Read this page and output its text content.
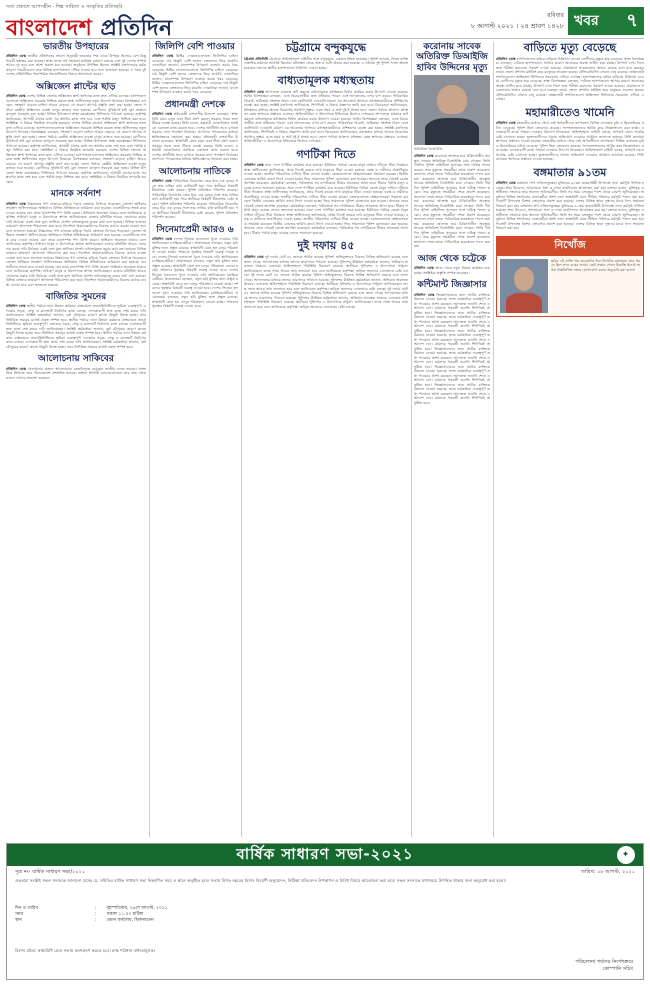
সত্য প্রকাশে আপসহীন · শিল্প সাহিত্য ও সংস্কৃতির প্রতিচ্ছবি
বাংলাদেশ প্রতিদিন	রবিবার
৮ আগস্ট ২০২১ । ২৪ শ্রাবণ ১৪২৮ খবর ৭
ভারতীয় উপহারের

প্রতিদিন ডেস্ক জাতীয় প্রতিদিনের সংবাদ অনুযায়ী ভারতের পক্ষ থেকে উপহার হিসেবে বেশ কিছু সামগ্রী হস্তান্তর করা হয়েছে। স্বাস্থ্য খাতে এই সহায়তা কার্যক্রম চলমান রয়েছে এবং দুই দেশের সম্পর্ক আরও দৃঢ় হবে বলে আশা প্রকাশ করা হয়েছে। অনুষ্ঠানে উপস্থিত ছিলেন সংশ্লিষ্ট মন্ত্রণালয়ের কর্মকর্তাবৃন্দ। সামগ্রীগুলো দ্রুত বিভিন্ন হাসপাতালে পৌঁছে দেওয়া হবে বলে জানানো হয়েছে। এ সময় দুই দেশের প্রতিনিধিরা পারস্পরিক সহযোগিতার বিষয়ে আলোচনা করেন।

অক্সিজেন প্লান্টের ছাড়

প্রতিদিন ডেস্ক দেশের বিভিন্ন জেলায় অক্সিজেন প্লান্ট স্থাপনের কাজ দ্রুত এগিয়ে চলেছে। হাসপাতালগুলোতে অক্সিজেন সরবরাহ নিশ্চিত করতে স্বাস্থ্য অধিদফতর নতুন উদ্যোগ নিয়েছে। বিশেষজ্ঞরা বলছেন, সংক্রমণ বাড়লে চাহিদা আরও বাড়বে। সে কারণে আগাম প্রস্তুতি গ্রহণ করা হচ্ছে। জেলা পর্যায়ে কেন্দ্রীয় অক্সিজেন ব্যবস্থা চালুর কাজও শুরু হয়েছে। রোগীদের সুবিধার্থে হাই ফ্লো নাজাল ক্যানুলা সরবরাহ করা হচ্ছে। বিভিন্ন উপজেলা স্বাস্থ্য কমপ্লেক্সেও সিলিন্ডার পাঠানো হয়েছে। কর্তৃপক্ষ জানিয়েছে, আগামী মাসের মধ্যে সব প্লান্টের কাজ শেষ হবে এবং পর্যাপ্ত মজুদ নিশ্চিত করা হবে। সংশ্লিষ্টরা এ বিষয়ে নিয়মিত তদারকি করছেন। দেশের বিভিন্ন জেলায় অক্সিজেন প্লান্ট স্থাপনের কাজ দ্রুত এগিয়ে চলেছে। হাসপাতালগুলোতে অক্সিজেন সরবরাহ নিশ্চিত করতে স্বাস্থ্য অধিদফতর নতুন উদ্যোগ নিয়েছে। বিশেষজ্ঞরা বলছেন, সংক্রমণ বাড়লে চাহিদা আরও বাড়বে। সে কারণে আগাম প্রস্তুতি গ্রহণ করা হচ্ছে। জেলা পর্যায়ে কেন্দ্রীয় অক্সিজেন ব্যবস্থা চালুর কাজও শুরু হয়েছে। রোগীদের সুবিধার্থে হাই ফ্লো নাজাল ক্যানুলা সরবরাহ করা হচ্ছে। বিভিন্ন উপজেলা স্বাস্থ্য কমপ্লেক্সেও সিলিন্ডার পাঠানো হয়েছে। কর্তৃপক্ষ জানিয়েছে, আগামী মাসের মধ্যে সব প্লান্টের কাজ শেষ হবে এবং পর্যাপ্ত মজুদ নিশ্চিত করা হবে। সংশ্লিষ্টরা এ বিষয়ে নিয়মিত তদারকি করছেন। দেশের বিভিন্ন জেলায় অক্সিজেন প্লান্ট স্থাপনের কাজ দ্রুত এগিয়ে চলেছে। হাসপাতালগুলোতে অক্সিজেন সরবরাহ নিশ্চিত করতে স্বাস্থ্য অধিদফতর নতুন উদ্যোগ নিয়েছে। বিশেষজ্ঞরা বলছেন, সংক্রমণ বাড়লে চাহিদা আরও বাড়বে। সে কারণে আগাম প্রস্তুতি গ্রহণ করা হচ্ছে। জেলা পর্যায়ে কেন্দ্রীয় অক্সিজেন ব্যবস্থা চালুর কাজও শুরু হয়েছে। রোগীদের সুবিধার্থে হাই ফ্লো নাজাল ক্যানুলা সরবরাহ করা হচ্ছে। বিভিন্ন উপজেলা স্বাস্থ্য কমপ্লেক্সেও সিলিন্ডার পাঠানো হয়েছে। কর্তৃপক্ষ জানিয়েছে, আগামী মাসের মধ্যে সব প্লান্টের কাজ শেষ হবে এবং পর্যাপ্ত মজুদ নিশ্চিত করা হবে। সংশ্লিষ্টরা এ বিষয়ে নিয়মিত তদারকি করছেন।

মানকে সর্বনাশ

প্রতিদিন ডেস্ক নিম্নমানের পণ্য বাজারে ছড়িয়ে পড়ায় ক্রেতারা বিপাকে পড়েছেন। ভোক্তা অধিকার সংরক্ষণ অধিদফতরের অভিযানে বিভিন্ন প্রতিষ্ঠানকে জরিমানা করা হয়েছে। ব্যবসায়ীদের সতর্ক করে দেওয়া হয়েছে যেন তারা মানসম্পন্ন পণ্য বিক্রি করেন। অভিযান অব্যাহত থাকবে বলে জানিয়েছে কর্তৃপক্ষ। সাধারণ মানুষ এ উদ্যোগকে স্বাগত জানিয়েছেন। বাজার মনিটরিং আরও জোরদার করার দাবি উঠেছে। একই সঙ্গে মূল্য তালিকা প্রদর্শন বাধ্যতামূলক করার কথা বলা হয়েছে। বিভিন্ন বাজারে ভ্রাম্যমাণ আদালত পরিচালনা করা হবে। নির্দেশনা অমান্যকারীদের বিরুদ্ধে কঠোর ব্যবস্থা নেওয়া হবে বলে জানানো হয়েছে। নিম্নমানের পণ্য বাজারে ছড়িয়ে পড়ায় ক্রেতারা বিপাকে পড়েছেন। ভোক্তা অধিকার সংরক্ষণ অধিদফতরের অভিযানে বিভিন্ন প্রতিষ্ঠানকে জরিমানা করা হয়েছে। ব্যবসায়ীদের সতর্ক করে দেওয়া হয়েছে যেন তারা মানসম্পন্ন পণ্য বিক্রি করেন। অভিযান অব্যাহত থাকবে বলে জানিয়েছে কর্তৃপক্ষ। সাধারণ মানুষ এ উদ্যোগকে স্বাগত জানিয়েছেন। বাজার মনিটরিং আরও জোরদার করার দাবি উঠেছে। একই সঙ্গে মূল্য তালিকা প্রদর্শন বাধ্যতামূলক করার কথা বলা হয়েছে। বিভিন্ন বাজারে ভ্রাম্যমাণ আদালত পরিচালনা করা হবে। নির্দেশনা অমান্যকারীদের বিরুদ্ধে কঠোর ব্যবস্থা নেওয়া হবে বলে জানানো হয়েছে। নিম্নমানের পণ্য বাজারে ছড়িয়ে পড়ায় ক্রেতারা বিপাকে পড়েছেন। ভোক্তা অধিকার সংরক্ষণ অধিদফতরের অভিযানে বিভিন্ন প্রতিষ্ঠানকে জরিমানা করা হয়েছে। ব্যবসায়ীদের সতর্ক করে দেওয়া হয়েছে যেন তারা মানসম্পন্ন পণ্য বিক্রি করেন। অভিযান অব্যাহত থাকবে বলে জানিয়েছে কর্তৃপক্ষ। সাধারণ মানুষ এ উদ্যোগকে স্বাগত জানিয়েছেন। বাজার মনিটরিং আরও জোরদার করার দাবি উঠেছে। একই সঙ্গে মূল্য তালিকা প্রদর্শন বাধ্যতামূলক করার কথা বলা হয়েছে। বিভিন্ন বাজারে ভ্রাম্যমাণ আদালত পরিচালনা করা হবে। নির্দেশনা অমান্যকারীদের বিরুদ্ধে কঠোর ব্যবস্থা নেওয়া হবে বলে জানানো হয়েছে।

বাজিতির সুমনের

প্রতিদিন ডেস্ক স্থানীয় পর্যায়ে নানা উন্নয়ন কর্মকাণ্ড বাস্তবায়নে জনপ্রতিনিধিদের ভূমিকা গুরুত্বপূর্ণ। এলাকার সড়ক, সেতু ও কালভার্ট নির্মাণের কাজ চলছে। এলাকাবাসী দ্রুত কাজ শেষ করার দাবি জানিয়েছেন। সংশ্লিষ্ট কর্মকর্তারা জানান, বর্ষা মৌসুমের কারণে কাজে কিছুটা বিলম্ব হচ্ছে। তবে নির্ধারিত সময়ের মধ্যেই প্রকল্প সম্পন্ন হবে। স্থানীয় পর্যায়ে নানা উন্নয়ন কর্মকাণ্ড বাস্তবায়নে জনপ্রতিনিধিদের ভূমিকা গুরুত্বপূর্ণ। এলাকার সড়ক, সেতু ও কালভার্ট নির্মাণের কাজ চলছে। এলাকাবাসী দ্রুত কাজ শেষ করার দাবি জানিয়েছেন। সংশ্লিষ্ট কর্মকর্তারা জানান, বর্ষা মৌসুমের কারণে কাজে কিছুটা বিলম্ব হচ্ছে। তবে নির্ধারিত সময়ের মধ্যেই প্রকল্প সম্পন্ন হবে। স্থানীয় পর্যায়ে নানা উন্নয়ন কর্মকাণ্ড বাস্তবায়নে জনপ্রতিনিধিদের ভূমিকা গুরুত্বপূর্ণ। এলাকার সড়ক, সেতু ও কালভার্ট নির্মাণের কাজ চলছে। এলাকাবাসী দ্রুত কাজ শেষ করার দাবি জানিয়েছেন। সংশ্লিষ্ট কর্মকর্তারা জানান, বর্ষা মৌসুমের কারণে কাজে কিছুটা বিলম্ব হচ্ছে। তবে নির্ধারিত সময়ের মধ্যেই প্রকল্প সম্পন্ন হবে।

আলোচনায় সাকিবের

প্রতিদিন ডেস্ক খেলাধুলার অঙ্গনে আলোচনার কেন্দ্রবিন্দুতে রয়েছেন জাতীয় দলের তারকা। সাম্প্রতিক সিরিজে তার পারফরম্যান্স প্রশংসিত হয়েছে। ভক্তরা আগামী ম্যাচগুলোতেও তার কাছ থেকে ভালো খেলার প্রত্যাশা করছেন।

জিলিপি বেশি পাওয়ার

প্রতিদিন ডেস্ক মিষ্টির দোকানগুলোতে জিলিপির চাহিদা বেড়েছে। দাম কিছুটা বেশি হলেও ক্রেতাদের ভিড় কমেনি। দোকানিরা জানান, মানসম্পন্ন উপকরণ ব্যবহার করায় খরচ বেড়েছে। মিষ্টির দোকানগুলোতে জিলিপির চাহিদা বেড়েছে। দাম কিছুটা বেশি হলেও ক্রেতাদের ভিড় কমেনি। দোকানিরা জানান, মানসম্পন্ন উপকরণ ব্যবহার করায় খরচ বেড়েছে। মিষ্টির দোকানগুলোতে জিলিপির চাহিদা বেড়েছে। দাম কিছুটা বেশি হলেও ক্রেতাদের ভিড় কমেনি। দোকানিরা জানান, মানসম্পন্ন উপকরণ ব্যবহার করায় খরচ বেড়েছে।

প্রধানমন্ত্রী দেশকে

প্রতিদিন ডেস্ক প্রধানমন্ত্রী দেশবাসীর উদ্দেশে বলেছেন, স্বাস্থ্যবিধি মেনে চলুন এবং টিকা গ্রহণ করুন। সরকার সবার জন্য টিকার ব্যবস্থা করছে। তিনি বলেন, মহামারী মোকাবিলায় সবাইকে একসঙ্গে কাজ করতে হবে। দেশের অর্থনীতি সচল রাখতে সরকার নানা পদক্ষেপ নিয়েছে। প্রণোদনা প্যাকেজের মাধ্যমে ক্ষতিগ্রস্তদের সহায়তা করা হচ্ছে। প্রধানমন্ত্রী দেশবাসীর উদ্দেশে বলেছেন, স্বাস্থ্যবিধি মেনে চলুন এবং টিকা গ্রহণ করুন। সরকার সবার জন্য টিকার ব্যবস্থা করছে। তিনি বলেন, মহামারী মোকাবিলায় সবাইকে একসঙ্গে কাজ করতে হবে। দেশের অর্থনীতি সচল রাখতে সরকার নানা পদক্ষেপ নিয়েছে। প্রণোদনা প্যাকেজের মাধ্যমে ক্ষতিগ্রস্তদের সহায়তা করা হচ্ছে।

আলোচনায় নাতিকে

প্রতিদিন ডেস্ক পারিবারিক বিরোধের জের ধরে এক বৃদ্ধের সঙ্গে তার নাতির কথা কাটাকাটি হয়। পরে স্থানীয়রা বিষয়টি মীমাংসার চেষ্টা করেন। পুলিশ ঘটনাস্থল পরিদর্শন করেছে। পারিবারিক বিরোধের জের ধরে এক বৃদ্ধের সঙ্গে তার নাতির কথা কাটাকাটি হয়। পরে স্থানীয়রা বিষয়টি মীমাংসার চেষ্টা করেন। পুলিশ ঘটনাস্থল পরিদর্শন করেছে। পারিবারিক বিরোধের জের ধরে এক বৃদ্ধের সঙ্গে তার নাতির কথা কাটাকাটি হয়। পরে স্থানীয়রা বিষয়টি মীমাংসার চেষ্টা করেন। পুলিশ ঘটনাস্থল পরিদর্শন করেছে।

সিনেমাপ্রেমী আরও ৬

প্রতিদিন ডেস্ক দেশের সিনেমা হলগুলো খুলে দেওয়ার দাবি জানিয়েছেন চলচ্চিত্রপ্রেমীরা। প্রযোজকরা বলছেন, নতুন ছবি মুক্তির জন্য প্রস্তুত রয়েছে। স্বাস্থ্যবিধি মেনে হল চালুর পরিকল্পনা নেওয়া হচ্ছে। দর্শকদের সুরক্ষার বিষয়টি গুরুত্ব দেওয়া হবে। দেশের সিনেমা হলগুলো খুলে দেওয়ার দাবি জানিয়েছেন চলচ্চিত্রপ্রেমীরা। প্রযোজকরা বলছেন, নতুন ছবি মুক্তির জন্য প্রস্তুত রয়েছে। স্বাস্থ্যবিধি মেনে হল চালুর পরিকল্পনা নেওয়া হচ্ছে। দর্শকদের সুরক্ষার বিষয়টি গুরুত্ব দেওয়া হবে। দেশের সিনেমা হলগুলো খুলে দেওয়ার দাবি জানিয়েছেন চলচ্চিত্রপ্রেমীরা। প্রযোজকরা বলছেন, নতুন ছবি মুক্তির জন্য প্রস্তুত রয়েছে। স্বাস্থ্যবিধি মেনে হল চালুর পরিকল্পনা নেওয়া হচ্ছে। দর্শকদের সুরক্ষার বিষয়টি গুরুত্ব দেওয়া হবে। দেশের সিনেমা হলগুলো খুলে দেওয়ার দাবি জানিয়েছেন চলচ্চিত্রপ্রেমীরা। প্রযোজকরা বলছেন, নতুন ছবি মুক্তির জন্য প্রস্তুত রয়েছে। স্বাস্থ্যবিধি মেনে হল চালুর পরিকল্পনা নেওয়া হচ্ছে। দর্শকদের সুরক্ষার বিষয়টি গুরুত্ব দেওয়া হবে।

চট্টগ্রামে বন্দুকযুদ্ধে

চট্টগ্রাম প্রতিনিধি চট্টগ্রামে আইনশৃঙ্খলা বাহিনীর সঙ্গে বন্দুকযুদ্ধে একজন নিহত হয়েছেন। পুলিশ জানায়, নিহত ব্যক্তি একাধিক মামলার আসামি ছিলেন। ঘটনাস্থল থেকে অস্ত্র ও গুলি উদ্ধার করা হয়েছে। এ ঘটনায় দুই পুলিশ সদস্য আহত হয়েছেন। তাদের স্থানীয় হাসপাতালে চিকিৎসা দেওয়া হচ্ছে।

বাধ্যতামূলক মধ্যস্থতায়

প্রতিদিন ডেস্ক আদালতে মামলার জট কমাতে বাধ্যতামূলক মধ্যস্থতার বিধান কার্যকর করার উদ্যোগ নেওয়া হয়েছে। আইন বিশেষজ্ঞরা বলছেন, এতে বিচারপ্রার্থীরা দ্রুত প্রতিকার পাবেন এবং আদালতের ওপর চাপ কমবে। পারিবারিক বিরোধ, জমিজমা সংক্রান্ত বিবাদ এবং ছোটখাটো দেওয়ানি মামলা এর আওতায় আসবে। মধ্যস্থতাকারীদের প্রশিক্ষণের ব্যবস্থা করা হচ্ছে। সংশ্লিষ্ট মন্ত্রণালয় জানিয়েছে, শিগগিরই এ বিষয়ে প্রজ্ঞাপন জারি করা হবে। বিচারকরা জানিয়েছেন, মধ্যস্থতার মাধ্যমে অনেক বিরোধের সমাধান সম্ভব। এতে সময় ও অর্থ দুই-ই সাশ্রয় হবে। জেলা পর্যায়ে আলাদা মধ্যস্থতা কেন্দ্র স্থাপনের প্রস্তাবও এসেছে। আইনজীবীরা এ উদ্যোগকে ইতিবাচক হিসেবে দেখছেন। আদালতে মামলার জট কমাতে বাধ্যতামূলক মধ্যস্থতার বিধান কার্যকর করার উদ্যোগ নেওয়া হয়েছে। আইন বিশেষজ্ঞরা বলছেন, এতে বিচারপ্রার্থীরা দ্রুত প্রতিকার পাবেন এবং আদালতের ওপর চাপ কমবে। পারিবারিক বিরোধ, জমিজমা সংক্রান্ত বিবাদ এবং ছোটখাটো দেওয়ানি মামলা এর আওতায় আসবে। মধ্যস্থতাকারীদের প্রশিক্ষণের ব্যবস্থা করা হচ্ছে। সংশ্লিষ্ট মন্ত্রণালয় জানিয়েছে, শিগগিরই এ বিষয়ে প্রজ্ঞাপন জারি করা হবে। বিচারকরা জানিয়েছেন, মধ্যস্থতার মাধ্যমে অনেক বিরোধের সমাধান সম্ভব। এতে সময় ও অর্থ দুই-ই সাশ্রয় হবে। জেলা পর্যায়ে আলাদা মধ্যস্থতা কেন্দ্র স্থাপনের প্রস্তাবও এসেছে। আইনজীবীরা এ উদ্যোগকে ইতিবাচক হিসেবে দেখছেন।

গণটিকা দিতে

প্রতিদিন ডেস্ক সারা দেশে গণটিকা কার্যক্রম শুরু হয়েছে। ইউনিয়ন পর্যায়ে কেন্দ্রে মানুষ লাইনে দাঁড়িয়ে টিকা নিচ্ছেন। স্বাস্থ্য অধিদফতর জানিয়েছে, প্রথম দিনেই কয়েক লাখ মানুষকে টিকা দেওয়া হয়েছে। বয়স্ক ও নারীদের অগ্রাধিকার দেওয়া হচ্ছে। জাতীয় পরিচয়পত্র দেখিয়ে টিকা নেওয়া যাচ্ছে। কেন্দ্রগুলোতে স্বেচ্ছাসেবকরা সহায়তা করছেন। দ্বিতীয় ডোজের তারিখ কার্ডে লিখে দেওয়া হচ্ছে। ভিড় সামলাতে পুলিশ মোতায়েন করা হয়েছে। অনেকে ভোর থেকেই কেন্দ্রে অপেক্ষা করেছেন। কর্মকর্তারা বলছেন, পর্যায়ক্রমে সব নাগরিককে টিকার আওতায় আনা হবে। টিকার পর্যাপ্ত মজুদ রয়েছে বলেও জানানো হয়েছে। সারা দেশে গণটিকা কার্যক্রম শুরু হয়েছে। ইউনিয়ন পর্যায়ে কেন্দ্রে মানুষ লাইনে দাঁড়িয়ে টিকা নিচ্ছেন। স্বাস্থ্য অধিদফতর জানিয়েছে, প্রথম দিনেই কয়েক লাখ মানুষকে টিকা দেওয়া হয়েছে। বয়স্ক ও নারীদের অগ্রাধিকার দেওয়া হচ্ছে। জাতীয় পরিচয়পত্র দেখিয়ে টিকা নেওয়া যাচ্ছে। কেন্দ্রগুলোতে স্বেচ্ছাসেবকরা সহায়তা করছেন। দ্বিতীয় ডোজের তারিখ কার্ডে লিখে দেওয়া হচ্ছে। ভিড় সামলাতে পুলিশ মোতায়েন করা হয়েছে। অনেকে ভোর থেকেই কেন্দ্রে অপেক্ষা করেছেন। কর্মকর্তারা বলছেন, পর্যায়ক্রমে সব নাগরিককে টিকার আওতায় আনা হবে। টিকার পর্যাপ্ত মজুদ রয়েছে বলেও জানানো হয়েছে। সারা দেশে গণটিকা কার্যক্রম শুরু হয়েছে। ইউনিয়ন পর্যায়ে কেন্দ্রে মানুষ লাইনে দাঁড়িয়ে টিকা নিচ্ছেন। স্বাস্থ্য অধিদফতর জানিয়েছে, প্রথম দিনেই কয়েক লাখ মানুষকে টিকা দেওয়া হয়েছে। বয়স্ক ও নারীদের অগ্রাধিকার দেওয়া হচ্ছে। জাতীয় পরিচয়পত্র দেখিয়ে টিকা নেওয়া যাচ্ছে। কেন্দ্রগুলোতে স্বেচ্ছাসেবকরা সহায়তা করছেন। দ্বিতীয় ডোজের তারিখ কার্ডে লিখে দেওয়া হচ্ছে। ভিড় সামলাতে পুলিশ মোতায়েন করা হয়েছে। অনেকে ভোর থেকেই কেন্দ্রে অপেক্ষা করেছেন। কর্মকর্তারা বলছেন, পর্যায়ক্রমে সব নাগরিককে টিকার আওতায় আনা হবে। টিকার পর্যাপ্ত মজুদ রয়েছে বলেও জানানো হয়েছে।

দুই দফায় ৪৫

প্রতিদিন ডেস্ক দুই দফায় মোট ৪৫ জনকে আটক করেছে পুলিশ। অভিযুক্তদের বিরুদ্ধে বিভিন্ন অভিযোগ রয়েছে বলে জানা গেছে। আদালতের মাধ্যমে তাদের কারাগারে পাঠানো হয়েছে। পুলিশের ঊর্ধ্বতন কর্মকর্তারা জানান, অভিযান অব্যাহত থাকবে। এলাকায় আইনশৃঙ্খলা পরিস্থিতি নিয়ন্ত্রণে রয়েছে। স্থানীয়রা পুলিশের এ উদ্যোগকে সাধুবাদ জানিয়েছেন। তদন্ত শেষে আরও তথ্য জানানো হবে বলে জানিয়েছে কর্তৃপক্ষ। জড়িত অন্যদের গ্রেফতারে চেষ্টা চলছে। দুই দফায় মোট ৪৫ জনকে আটক করেছে পুলিশ। অভিযুক্তদের বিরুদ্ধে বিভিন্ন অভিযোগ রয়েছে বলে জানা গেছে। আদালতের মাধ্যমে তাদের কারাগারে পাঠানো হয়েছে। পুলিশের ঊর্ধ্বতন কর্মকর্তারা জানান, অভিযান অব্যাহত থাকবে। এলাকায় আইনশৃঙ্খলা পরিস্থিতি নিয়ন্ত্রণে রয়েছে। স্থানীয়রা পুলিশের এ উদ্যোগকে সাধুবাদ জানিয়েছেন। তদন্ত শেষে আরও তথ্য জানানো হবে বলে জানিয়েছে কর্তৃপক্ষ। জড়িত অন্যদের গ্রেফতারে চেষ্টা চলছে। দুই দফায় মোট ৪৫ জনকে আটক করেছে পুলিশ। অভিযুক্তদের বিরুদ্ধে বিভিন্ন অভিযোগ রয়েছে বলে জানা গেছে। আদালতের মাধ্যমে তাদের কারাগারে পাঠানো হয়েছে। পুলিশের ঊর্ধ্বতন কর্মকর্তারা জানান, অভিযান অব্যাহত থাকবে। এলাকায় আইনশৃঙ্খলা পরিস্থিতি নিয়ন্ত্রণে রয়েছে। স্থানীয়রা পুলিশের এ উদ্যোগকে সাধুবাদ জানিয়েছেন। তদন্ত শেষে আরও তথ্য জানানো হবে বলে জানিয়েছে কর্তৃপক্ষ। জড়িত অন্যদের গ্রেফতারে চেষ্টা চলছে।

করোনায় সাবেক অতিরিক্ত ডিআইজি হাবিব উদ্দিনের মৃত্যু

অতিরিক্ত ডিআইজি

প্রতিদিন ডেস্ক করোনায় আক্রান্ত হয়ে চিকিৎসাধীন অবস্থায় সাবেক অতিরিক্ত ডিআইজি মারা গেছেন। তিনি দীর্ঘদিন পুলিশ বাহিনীতে সুনামের সঙ্গে দায়িত্ব পালন করেন। তার মৃত্যুতে সহকর্মীরা শোক প্রকাশ করেছেন। জানাজা শেষে তাকে পারিবারিক কবরস্থানে দাফন করা হয়। করোনায় আক্রান্ত হয়ে চিকিৎসাধীন অবস্থায় সাবেক অতিরিক্ত ডিআইজি মারা গেছেন। তিনি দীর্ঘদিন পুলিশ বাহিনীতে সুনামের সঙ্গে দায়িত্ব পালন করেন। তার মৃত্যুতে সহকর্মীরা শোক প্রকাশ করেছেন। জানাজা শেষে তাকে পারিবারিক কবরস্থানে দাফন করা হয়। করোনায় আক্রান্ত হয়ে চিকিৎসাধীন অবস্থায় সাবেক অতিরিক্ত ডিআইজি মারা গেছেন। তিনি দীর্ঘদিন পুলিশ বাহিনীতে সুনামের সঙ্গে দায়িত্ব পালন করেন। তার মৃত্যুতে সহকর্মীরা শোক প্রকাশ করেছেন। জানাজা শেষে তাকে পারিবারিক কবরস্থানে দাফন করা হয়। করোনায় আক্রান্ত হয়ে চিকিৎসাধীন অবস্থায় সাবেক অতিরিক্ত ডিআইজি মারা গেছেন। তিনি দীর্ঘদিন পুলিশ বাহিনীতে সুনামের সঙ্গে দায়িত্ব পালন করেন। তার মৃত্যুতে সহকর্মীরা শোক প্রকাশ করেছেন। জানাজা শেষে তাকে পারিবারিক কবরস্থানে দাফন করা হয়।

আজ থেকে চট্টেকে

প্রতিদিন ডেস্ক আজ থেকে নতুন নিয়মে কার্যক্রম শুরু হচ্ছে। সংশ্লিষ্টরা প্রস্তুতি সম্পন্ন করেছেন।

কন্টিমান্ট জিজ্ঞাসার

প্রতিদিন ডেস্ক জিজ্ঞাসাবাদের জন্য আটক ব্যক্তিকে রিমান্ডে নেওয়া হয়েছে। তদন্ত কর্মকর্তারা গুরুত্বপূর্ণ তথ্য পাওয়ার আশা করছেন। আদালত শুনানি শেষে এ আদেশ দেন। মামলার পরবর্তী শুনানি শিগগিরই অনুষ্ঠিত হবে। জিজ্ঞাসাবাদের জন্য আটক ব্যক্তিকে রিমান্ডে নেওয়া হয়েছে। তদন্ত কর্মকর্তারা গুরুত্বপূর্ণ তথ্য পাওয়ার আশা করছেন। আদালত শুনানি শেষে এ আদেশ দেন। মামলার পরবর্তী শুনানি শিগগিরই অনুষ্ঠিত হবে। জিজ্ঞাসাবাদের জন্য আটক ব্যক্তিকে রিমান্ডে নেওয়া হয়েছে। তদন্ত কর্মকর্তারা গুরুত্বপূর্ণ তথ্য পাওয়ার আশা করছেন। আদালত শুনানি শেষে এ আদেশ দেন। মামলার পরবর্তী শুনানি শিগগিরই অনুষ্ঠিত হবে। জিজ্ঞাসাবাদের জন্য আটক ব্যক্তিকে রিমান্ডে নেওয়া হয়েছে। তদন্ত কর্মকর্তারা গুরুত্বপূর্ণ তথ্য পাওয়ার আশা করছেন। আদালত শুনানি শেষে এ আদেশ দেন। মামলার পরবর্তী শুনানি শিগগিরই অনুষ্ঠিত হবে। জিজ্ঞাসাবাদের জন্য আটক ব্যক্তিকে রিমান্ডে নেওয়া হয়েছে। তদন্ত কর্মকর্তারা গুরুত্বপূর্ণ তথ্য পাওয়ার আশা করছেন। আদালত শুনানি শেষে এ আদেশ দেন। মামলার পরবর্তী শুনানি শিগগিরই অনুষ্ঠিত হবে। জিজ্ঞাসাবাদের জন্য আটক ব্যক্তিকে রিমান্ডে নেওয়া হয়েছে। তদন্ত কর্মকর্তারা গুরুত্বপূর্ণ তথ্য পাওয়ার আশা করছেন। আদালত শুনানি শেষে এ আদেশ দেন। মামলার পরবর্তী শুনানি শিগগিরই অনুষ্ঠিত হবে।

বাড়িতে মৃত্যু বেড়েছে

প্রতিদিন ডেস্ক হাসপাতালের বাইরে বাড়িতে চিকিৎসা নেওয়া রোগীদের মৃত্যুর হার বেড়েছে। স্বাস্থ্য বিশেষজ্ঞরা বলছেন, দেরিতে হাসপাতালে আসার কারণে অনেকের অবস্থা জটিল হয়ে যাচ্ছে। উপসর্গ দেখা দিলে দ্রুত পরীক্ষা করানোর পরামর্শ দেওয়া হয়েছে। গ্রামাঞ্চলে সচেতনতার অভাব রয়েছে বলে মনে করছেন তারা। জেলা প্রশাসন মাইকিং করে মানুষকে সচেতন করছে। টেলিমেডিসিন সেবাও চালু রয়েছে। স্বেচ্ছাসেবী সংগঠনগুলো অক্সিজেন সিলিন্ডার সরবরাহে এগিয়ে এসেছে। হাসপাতালের বাইরে বাড়িতে চিকিৎসা নেওয়া রোগীদের মৃত্যুর হার বেড়েছে। স্বাস্থ্য বিশেষজ্ঞরা বলছেন, দেরিতে হাসপাতালে আসার কারণে অনেকের অবস্থা জটিল হয়ে যাচ্ছে। উপসর্গ দেখা দিলে দ্রুত পরীক্ষা করানোর পরামর্শ দেওয়া হয়েছে। গ্রামাঞ্চলে সচেতনতার অভাব রয়েছে বলে মনে করছেন তারা। জেলা প্রশাসন মাইকিং করে মানুষকে সচেতন করছে। টেলিমেডিসিন সেবাও চালু রয়েছে। স্বেচ্ছাসেবী সংগঠনগুলো অক্সিজেন সিলিন্ডার সরবরাহে এগিয়ে এসেছে।

মহামারীতেও খামেনি

প্রতিদিন ডেস্ক মহামারীর মধ্যেও থেমে নেই অপরাধীদের তৎপরতা। বিভিন্ন এলাকায় চুরি ও ছিনতাইয়ের ঘটনা বেড়েছে। পুলিশ টহল জোরদার করেছে। সন্দেহভাজনদের আটক করে জিজ্ঞাসাবাদ করা হচ্ছে। এলাকাবাসী রাতে পাহারা দেওয়ার উদ্যোগ নিয়েছেন। আইনশৃঙ্খলা বাহিনী বলছে, অপরাধ দমনে সর্বোচ্চ চেষ্টা চালানো হচ্ছে। ভুক্তভোগীদের থানায় অভিযোগ দেওয়ার আহ্বান জানানো হয়েছে। সিসি ক্যামেরা স্থাপনের প্রস্তাবও দেওয়া হয়েছে। মহামারীর মধ্যেও থেমে নেই অপরাধীদের তৎপরতা। বিভিন্ন এলাকায় চুরি ও ছিনতাইয়ের ঘটনা বেড়েছে। পুলিশ টহল জোরদার করেছে। সন্দেহভাজনদের আটক করে জিজ্ঞাসাবাদ করা হচ্ছে। এলাকাবাসী রাতে পাহারা দেওয়ার উদ্যোগ নিয়েছেন। আইনশৃঙ্খলা বাহিনী বলছে, অপরাধ দমনে সর্বোচ্চ চেষ্টা চালানো হচ্ছে। ভুক্তভোগীদের থানায় অভিযোগ দেওয়ার আহ্বান জানানো হয়েছে। সিসি ক্যামেরা স্থাপনের প্রস্তাবও দেওয়া হয়েছে।

বঙ্গমাতার ৯১তম

প্রতিদিন ডেস্ক বঙ্গমাতা শেখ ফজিলাতুন্নেছা মুজিবের ৯১তম জন্মবার্ষিকী উপলক্ষে নানা কর্মসূচি পালিত হয়েছে। শ্রদ্ধা নিবেদন, আলোচনা সভা ও দোয়া মাহফিলের আয়োজন করা হয়। বক্তারা বলেন, মুক্তিযুদ্ধ ও স্বাধীনতা সংগ্রামে তার অবদান অবিস্মরণীয়। তিনি সব সময় বঙ্গবন্ধুর পাশে থেকে প্রেরণা জুগিয়েছেন। অনুষ্ঠানে বিভিন্ন সংগঠনের নেতাকর্মীরা অংশ নেন। স্বাস্থ্যবিধি মেনে সীমিত পরিসরে কর্মসূচি পালন করা হয়। দিবসটি উপলক্ষে বিশেষ ক্রোড়পত্র প্রকাশ করা হয়েছে। দেশের বিভিন্ন স্থানে দুস্থদের মাঝে খাদ্য সহায়তা বিতরণ করা হয়। বঙ্গমাতা শেখ ফজিলাতুন্নেছা মুজিবের ৯১তম জন্মবার্ষিকী উপলক্ষে নানা কর্মসূচি পালিত হয়েছে। শ্রদ্ধা নিবেদন, আলোচনা সভা ও দোয়া মাহফিলের আয়োজন করা হয়। বক্তারা বলেন, মুক্তিযুদ্ধ ও স্বাধীনতা সংগ্রামে তার অবদান অবিস্মরণীয়। তিনি সব সময় বঙ্গবন্ধুর পাশে থেকে প্রেরণা জুগিয়েছেন। অনুষ্ঠানে বিভিন্ন সংগঠনের নেতাকর্মীরা অংশ নেন। স্বাস্থ্যবিধি মেনে সীমিত পরিসরে কর্মসূচি পালন করা হয়। দিবসটি উপলক্ষে বিশেষ ক্রোড়পত্র প্রকাশ করা হয়েছে। দেশের বিভিন্ন স্থানে দুস্থদের মাঝে খাদ্য সহায়তা বিতরণ করা হয়।

নিখোঁজ

ছবির এই ব্যক্তি গত কয়েকদিন ধরে নিখোঁজ রয়েছেন। তার পরনে ছিল লাল রঙের জামা। কেউ সন্ধান পেলে নিকটস্থ থানায় অথবা নিম্নলিখিত নম্বরে যোগাযোগ করার অনুরোধ করা হলো।

বার্ষিক সাধারণ সভা-২০২১	✦
সূত্র নং- বার্ষিক সাধারণ সভা/২০২১	তারিখ: ০৮ আগস্ট, ২০২১
এতদ্বারা সংশ্লিষ্ট সকল সদস্যকে জানানো যাচ্ছে যে, সমিতির বার্ষিক সাধারণ সভা নিম্নবর্ণিত সময় ও স্থানে অনুষ্ঠিত হবে। সভায় বিগত বছরের হিসাব বিবরণী অনুমোদন, নিরীক্ষা প্রতিবেদন উপস্থাপন ও বিবিধ বিষয়ে আলোচনা করা হবে। সকল সদস্যকে যথাসময়ে উপস্থিত থাকার জন্য অনুরোধ করা হলো।
দিন ও তারিখ	: বৃহস্পতিবার, ২৬শে আগস্ট, ২০২১
সময়	: সকাল ১১.০০ ঘটিকা
স্থান	: প্রধান কার্যালয়, মিলনায়তন
বিশেষ দ্রষ্টব্য: স্বাস্থ্যবিধি মেনে সভায় অংশগ্রহণ করতে হবে। মাস্ক পরিধান বাধ্যতামূলক।
পরিচালনা পর্ষদের নির্দেশক্রমে
কোম্পানি সচিব
